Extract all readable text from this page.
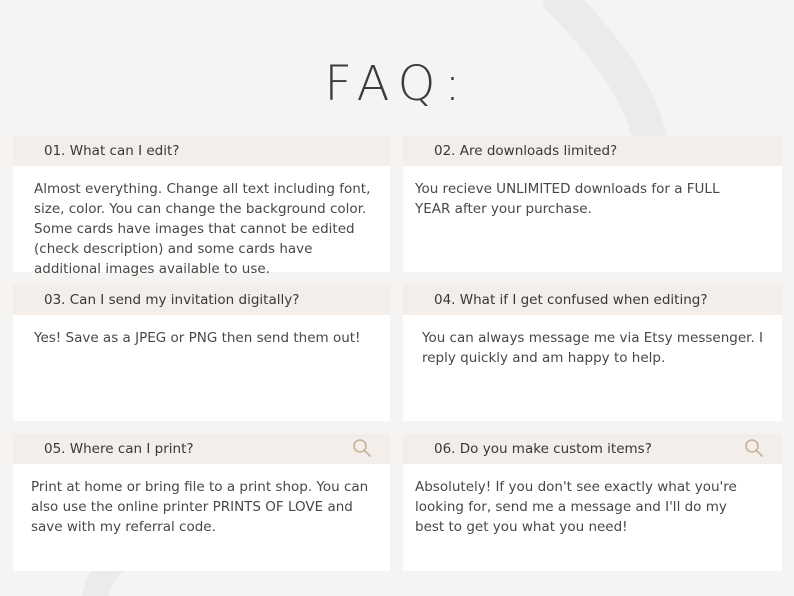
FAQ:
01. What can I edit?
Almost everything. Change all text including font, size, color. You can change the background color. Some cards have images that cannot be edited (check description) and some cards have additional images available to use.
02. Are downloads limited?
You recieve UNLIMITED downloads for a FULL YEAR after your purchase.
03. Can I send my invitation digitally?
Yes! Save as a JPEG or PNG then send them out!
04. What if I get confused when editing?
You can always message me via Etsy messenger. I reply quickly and am happy to help.
05. Where can I print?
Print at home or bring file to a print shop. You can also use the online printer PRINTS OF LOVE and save with my referral code.
06. Do you make custom items?
Absolutely! If you don't see exactly what you're looking for, send me a message and I'll do my best to get you what you need!
